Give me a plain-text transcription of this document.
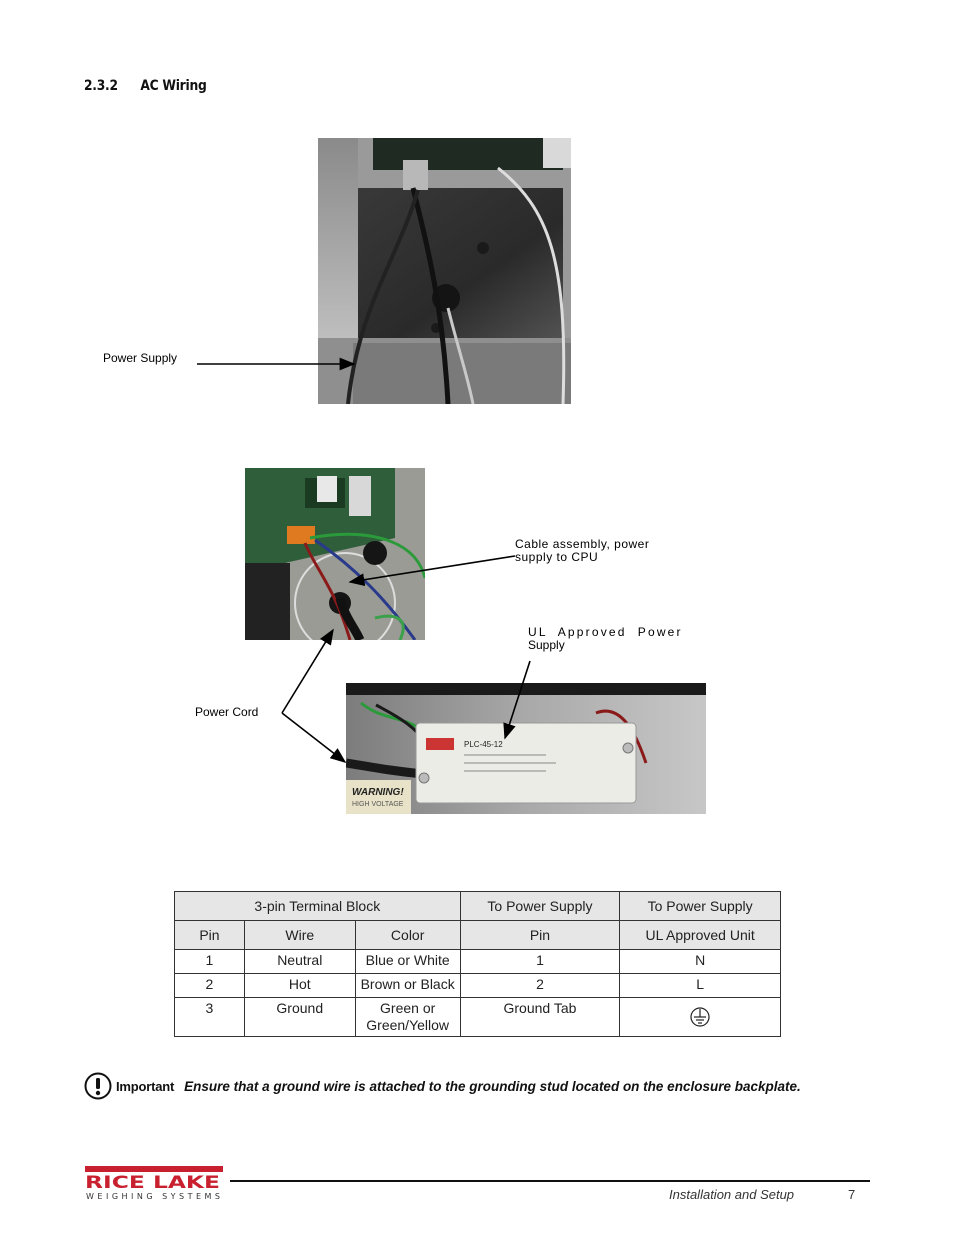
2.3.2 AC Wiring
Power Supply
PLC-45-12
WARNING!
HIGH VOLTAGE
Cable assembly, power
supply to CPU
UL  Approved  Power
Supply
Power Cord
3-pin Terminal Block			To Power Supply	To Power Supply
Pin	Wire	Color	Pin	UL Approved Unit
1	Neutral	Blue or White	1	N
2	Hot	Brown or Black	2	L
3	Ground	Green or Green/Yellow	Ground Tab	
Important Ensure that a ground wire is attached to the grounding stud located on the enclosure backplate.
RICE LAKE
WEIGHING SYSTEMS	Installation and Setup	7
